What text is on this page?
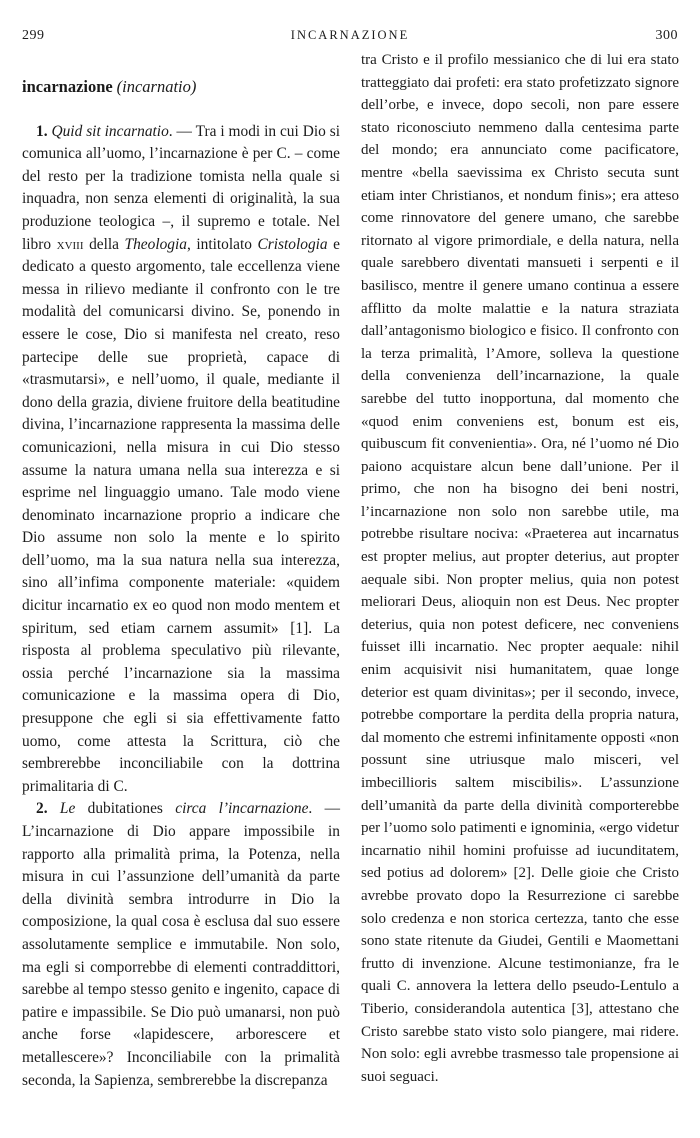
299	INCARNAZIONE	300

incarnazione (incarnatio)

1. Quid sit incarnatio. — Tra i modi in cui Dio si comunica all’uomo, l’incarnazione è per C. – come del resto per la tradizione tomista nella quale si inquadra, non senza elementi di originalità, la sua produzione teologica –, il supremo e totale. Nel libro xviii della Theologia, intitolato Cristologia e dedicato a questo argomento, tale eccellenza viene messa in rilievo mediante il confronto con le tre modalità del comunicarsi divino. Se, ponendo in essere le cose, Dio si manifesta nel creato, reso partecipe delle sue proprietà, capace di «trasmutarsi», e nell’uomo, il quale, mediante il dono della grazia, diviene fruitore della beatitudine divina, l’incarnazione rappresenta la massima delle comunicazioni, nella misura in cui Dio stesso assume la natura umana nella sua interezza e si esprime nel linguaggio umano. Tale modo viene denominato incarnazione proprio a indicare che Dio assume non solo la mente e lo spirito dell’uomo, ma la sua natura nella sua interezza, sino all’infima componente materiale: «quidem dicitur incarnatio ex eo quod non modo mentem et spiritum, sed etiam carnem assumit» [1]. La risposta al problema speculativo più rilevante, ossia perché l’incarnazione sia la massima comunicazione e la massima opera di Dio, presuppone che egli si sia effettivamente fatto uomo, come attesta la Scrittura, ciò che sembrerebbe inconciliabile con la dottrina primalitaria di C.

2. Le dubitationes circa l’incarnazione. — L’incarnazione di Dio appare impossibile in rapporto alla primalità prima, la Potenza, nella misura in cui l’assunzione dell’umanità da parte della divinità sembra introdurre in Dio la composizione, la qual cosa è esclusa dal suo essere assolutamente semplice e immutabile. Non solo, ma egli si comporrebbe di elementi contraddittori, sarebbe al tempo stesso genito e ingenito, capace di patire e impassibile. Se Dio può umanarsi, non può anche forse «lapidescere, arborescere et metallescere»? Inconciliabile con la primalità seconda, la Sapienza, sembrerebbe la discrepanza

tra Cristo e il profilo messianico che di lui era stato tratteggiato dai profeti: era stato profetizzato signore dell’orbe, e invece, dopo secoli, non pare essere stato riconosciuto nemmeno dalla centesima parte del mondo; era annunciato come pacificatore, mentre «bella saevissima ex Christo secuta sunt etiam inter Christianos, et nondum finis»; era atteso come rinnovatore del genere umano, che sarebbe ritornato al vigore primordiale, e della natura, nella quale sarebbero diventati mansueti i serpenti e il basilisco, mentre il genere umano continua a essere afflitto da molte malattie e la natura straziata dall’antagonismo biologico e fisico. Il confronto con la terza primalità, l’Amore, solleva la questione della convenienza dell’incarnazione, la quale sarebbe del tutto inopportuna, dal momento che «quod enim conveniens est, bonum est eis, quibuscum fit convenientia». Ora, né l’uomo né Dio paiono acquistare alcun bene dall’unione. Per il primo, che non ha bisogno dei beni nostri, l’incarnazione non solo non sarebbe utile, ma potrebbe risultare nociva: «Praeterea aut incarnatus est propter melius, aut propter deterius, aut propter aequale sibi. Non propter melius, quia non potest meliorari Deus, alioquin non est Deus. Nec propter deterius, quia non potest deficere, nec conveniens fuisset illi incarnatio. Nec propter aequale: nihil enim acquisivit nisi humanitatem, quae longe deterior est quam divinitas»; per il secondo, invece, potrebbe comportare la perdita della propria natura, dal momento che estremi infinitamente opposti «non possunt sine utriusque malo misceri, vel imbecillioris saltem miscibilis». L’assunzione dell’umanità da parte della divinità comporterebbe per l’uomo solo patimenti e ignominia, «ergo videtur incarnatio nihil homini profuisse ad iucunditatem, sed potius ad dolorem» [2]. Delle gioie che Cristo avrebbe provato dopo la Resurrezione ci sarebbe solo credenza e non storica certezza, tanto che esse sono state ritenute da Giudei, Gentili e Maomettani frutto di invenzione. Alcune testimonianze, fra le quali C. annovera la lettera dello pseudo-Lentulo a Tiberio, considerandola autentica [3], attestano che Cristo sarebbe stato visto solo piangere, mai ridere. Non solo: egli avrebbe trasmesso tale propensione ai suoi seguaci.
